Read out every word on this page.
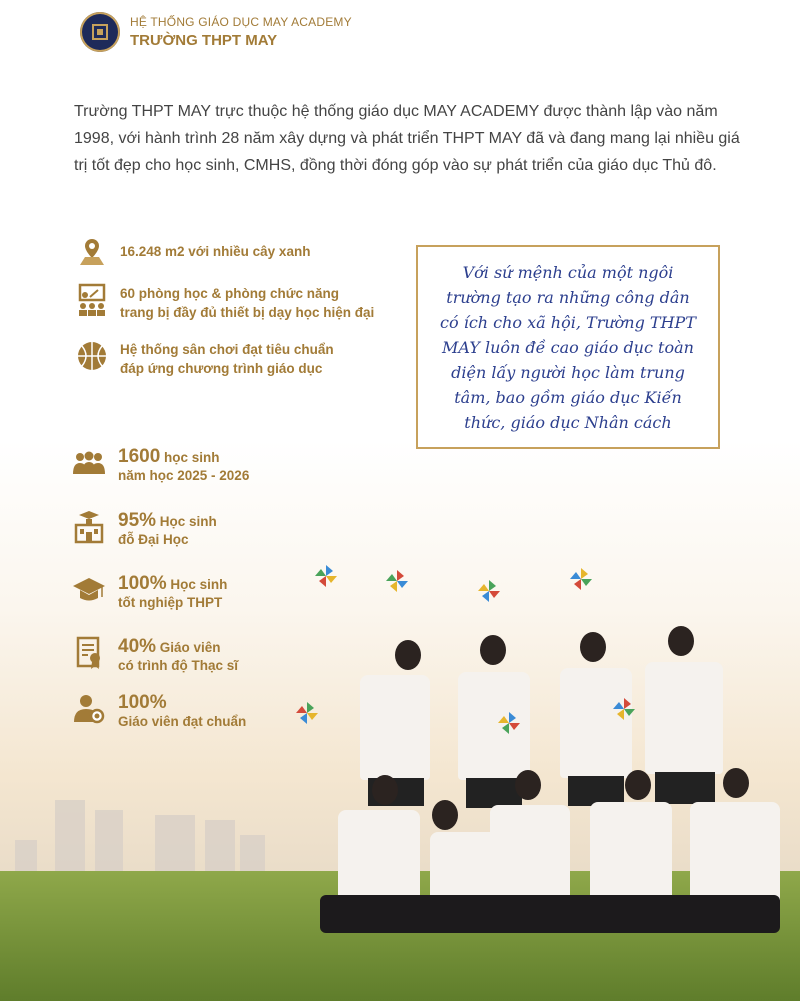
HỆ THỐNG GIÁO DỤC MAY ACADEMY
TRƯỜNG THPT MAY
Trường THPT MAY trực thuộc hệ thống giáo dục MAY ACADEMY được thành lập vào năm 1998, với hành trình 28 năm xây dựng và phát triển THPT MAY đã và đang mang lại nhiều giá trị tốt đẹp cho học sinh, CMHS, đồng thời đóng góp vào sự phát triển của giáo dục Thủ đô.
16.248 m2 với nhiều cây xanh
60 phòng học & phòng chức năng
trang bị đầy đủ thiết bị dạy học hiện đại
Hệ thống sân chơi đạt tiêu chuẩn
đáp ứng chương trình giáo dục

Với sứ mệnh của một ngôi trường tạo ra những công dân có ích cho xã hội, Trường THPT MAY luôn đề cao giáo dục toàn diện lấy người học làm trung tâm, bao gồm giáo dục Kiến thức, giáo dục Nhân cách

1600 học sinh
năm học 2025 - 2026
95% Học sinh
đỗ Đại Học
100% Học sinh
tốt nghiệp THPT
40% Giáo viên
có trình độ Thạc sĩ
100%
Giáo viên đạt chuẩn
